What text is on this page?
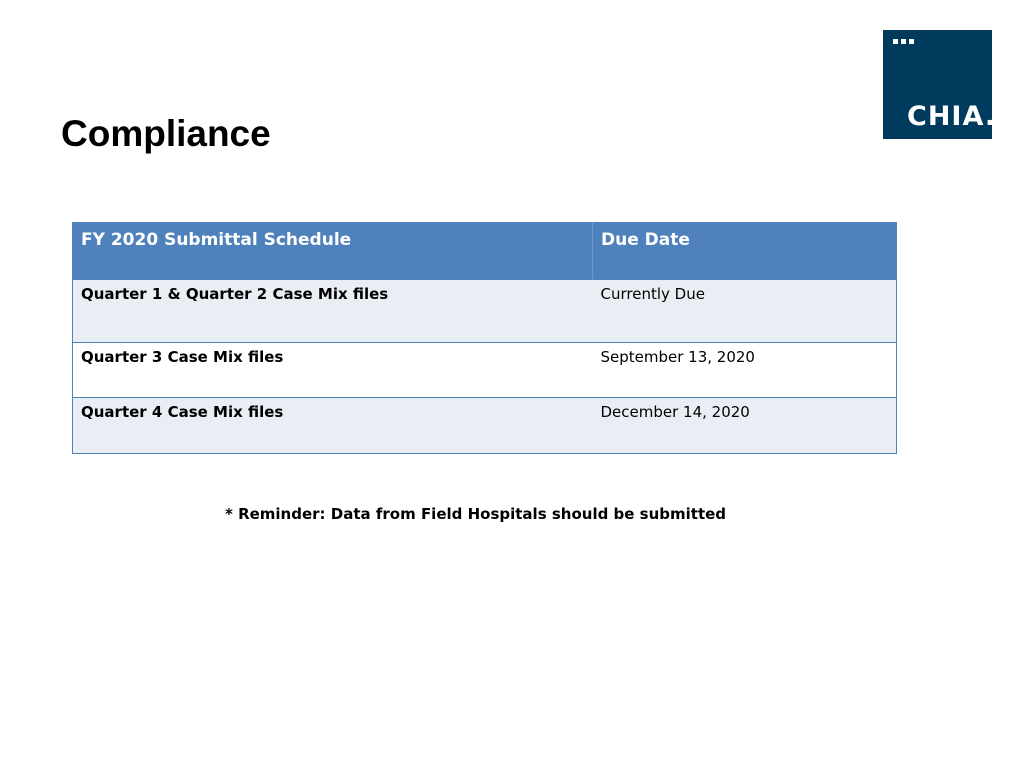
Compliance	CHIA.
FY 2020 Submittal Schedule	Due Date
Quarter 1 & Quarter 2 Case Mix files	Currently Due
Quarter 3 Case Mix files	September 13, 2020
Quarter 4 Case Mix files	December 14, 2020

* Reminder: Data from Field Hospitals should be submitted
